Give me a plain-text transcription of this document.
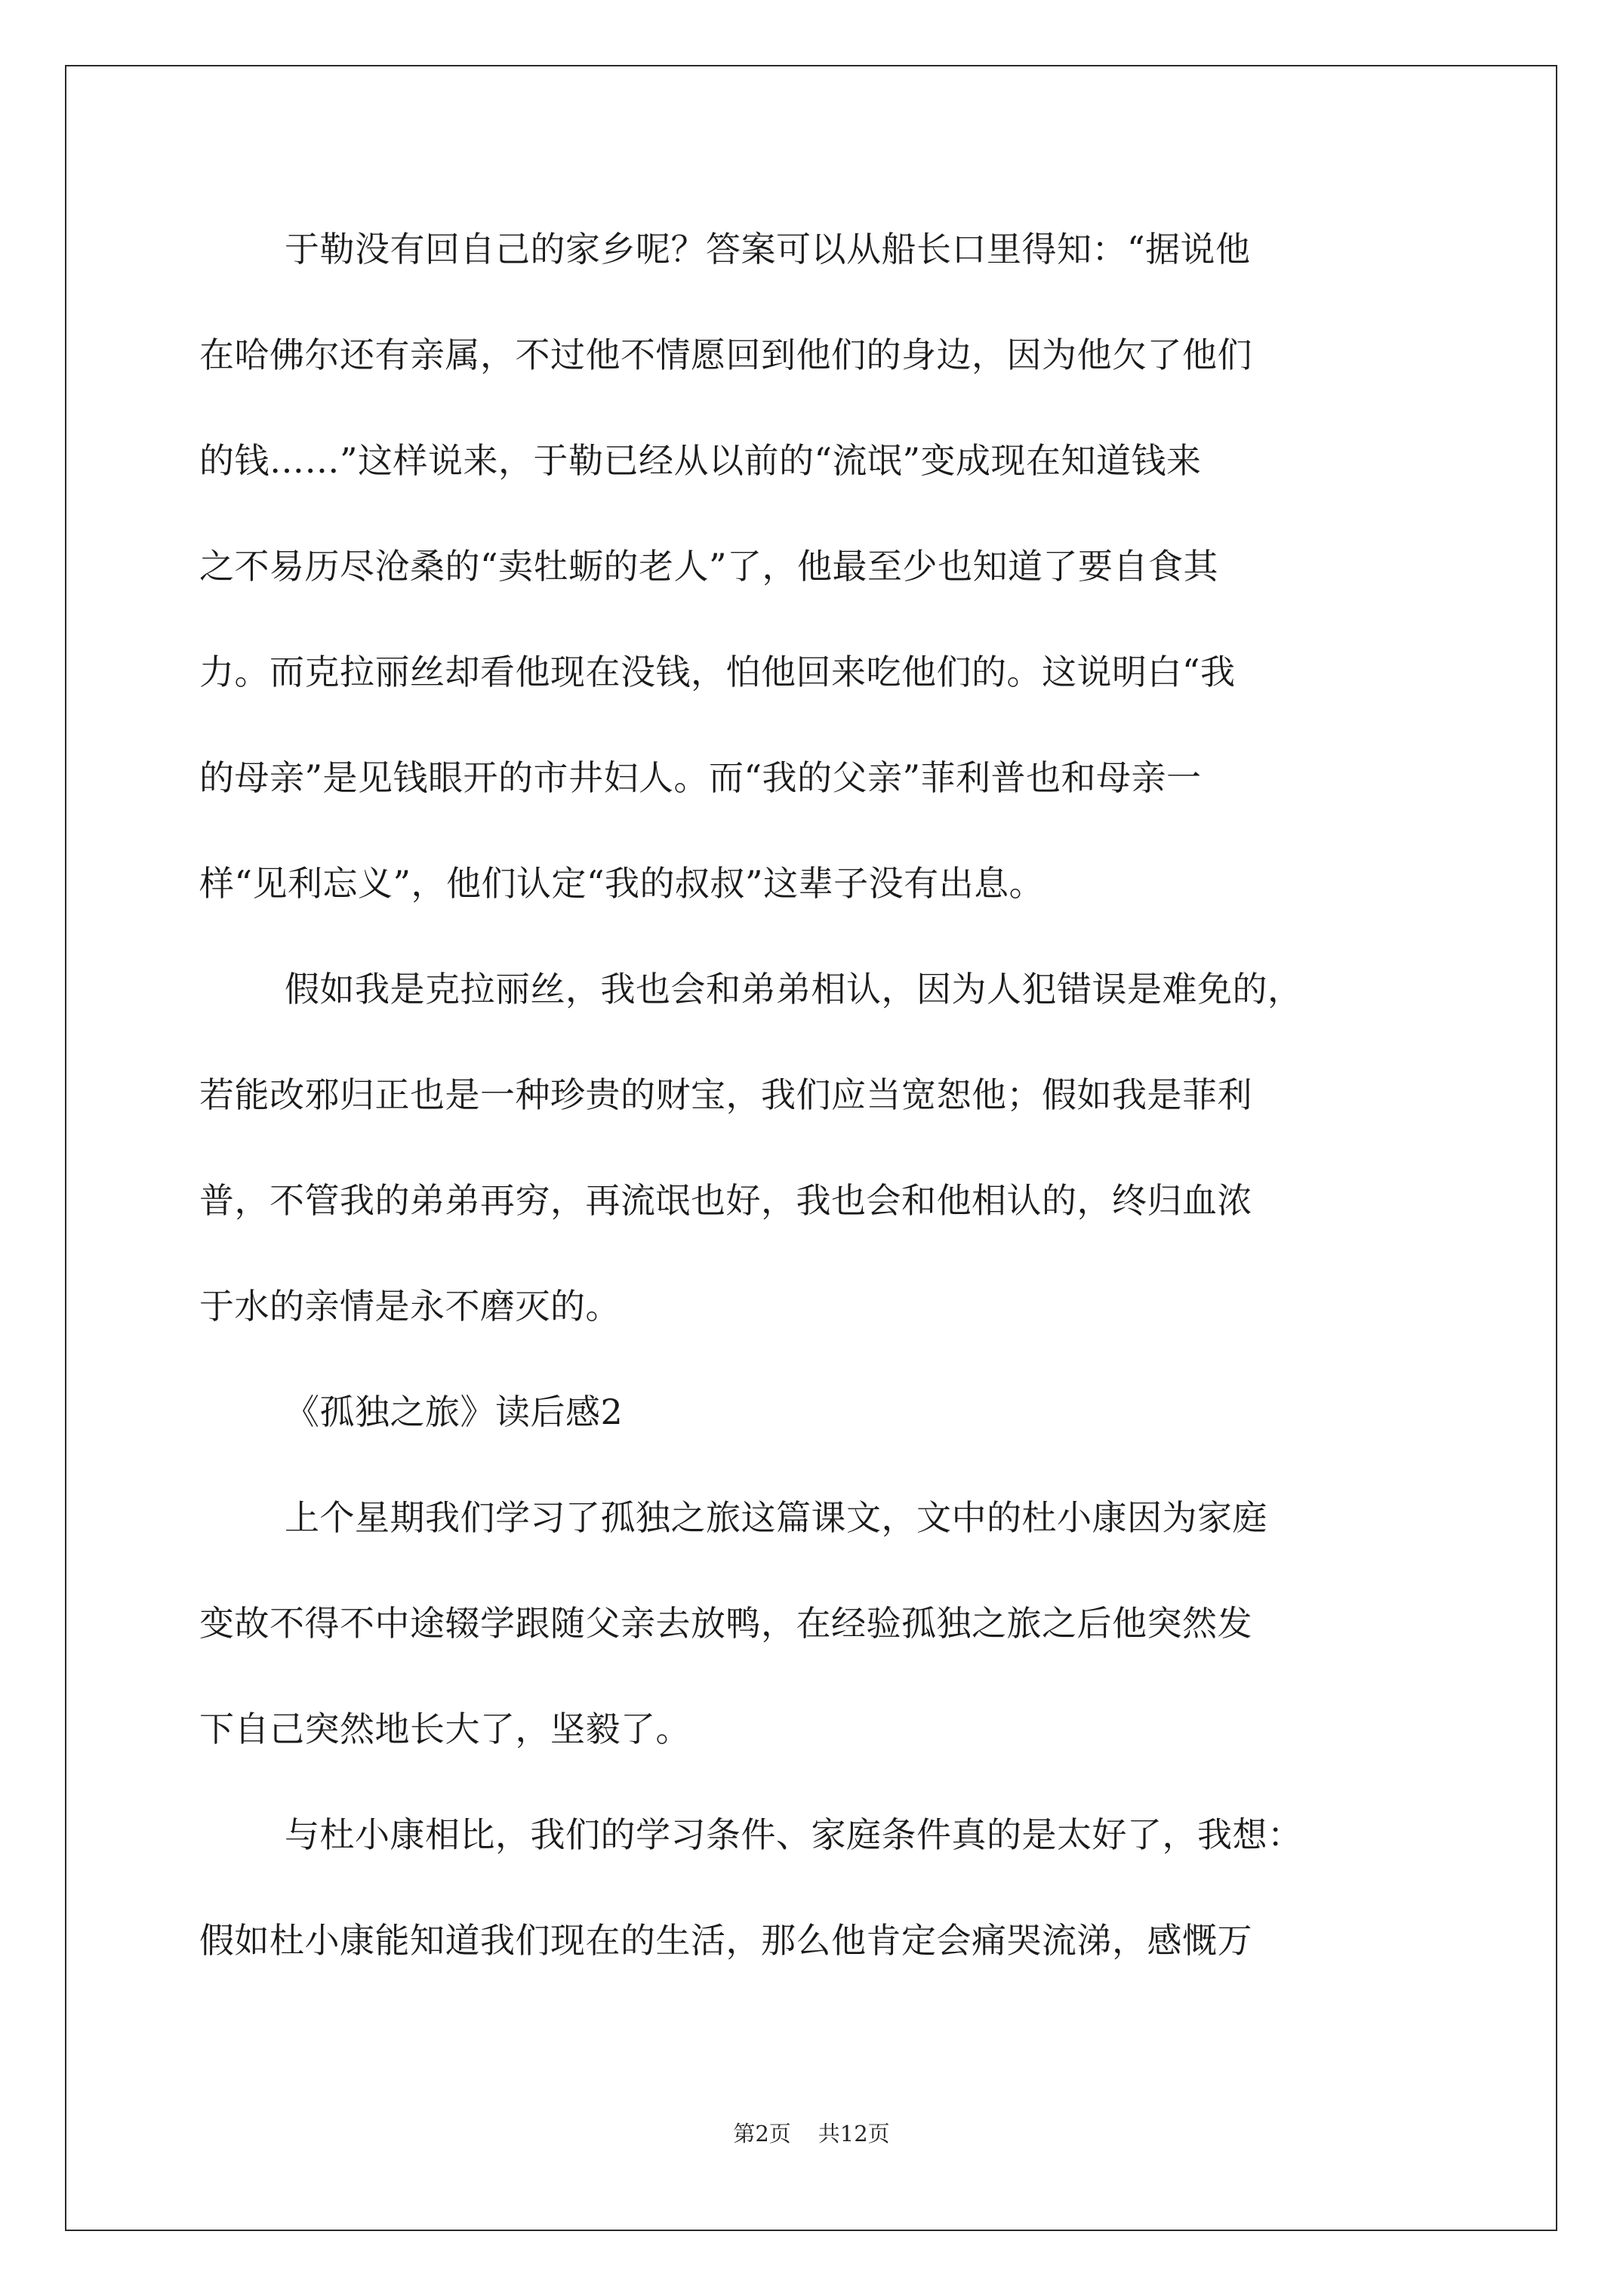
于勒没有回自己的家乡呢？答案可以从船长口里得知：“据说他
在哈佛尔还有亲属，不过他不情愿回到他们的身边，因为他欠了他们
的钱……”这样说来，于勒已经从以前的“流氓”变成现在知道钱来
之不易历尽沧桑的“卖牡蛎的老人”了，他最至少也知道了要自食其
力。而克拉丽丝却看他现在没钱，怕他回来吃他们的。这说明白“我
的母亲”是见钱眼开的市井妇人。而“我的父亲”菲利普也和母亲一
样“见利忘义”，他们认定“我的叔叔”这辈子没有出息。
假如我是克拉丽丝，我也会和弟弟相认，因为人犯错误是难免的，
若能改邪归正也是一种珍贵的财宝，我们应当宽恕他；假如我是菲利
普，不管我的弟弟再穷，再流氓也好，我也会和他相认的，终归血浓
于水的亲情是永不磨灭的。
《孤独之旅》读后感2
上个星期我们学习了孤独之旅这篇课文，文中的杜小康因为家庭
变故不得不中途辍学跟随父亲去放鸭，在经验孤独之旅之后他突然发
下自己突然地长大了，坚毅了。
与杜小康相比，我们的学习条件、家庭条件真的是太好了，我想：
假如杜小康能知道我们现在的生活，那么他肯定会痛哭流涕，感慨万
第2页 共12页
